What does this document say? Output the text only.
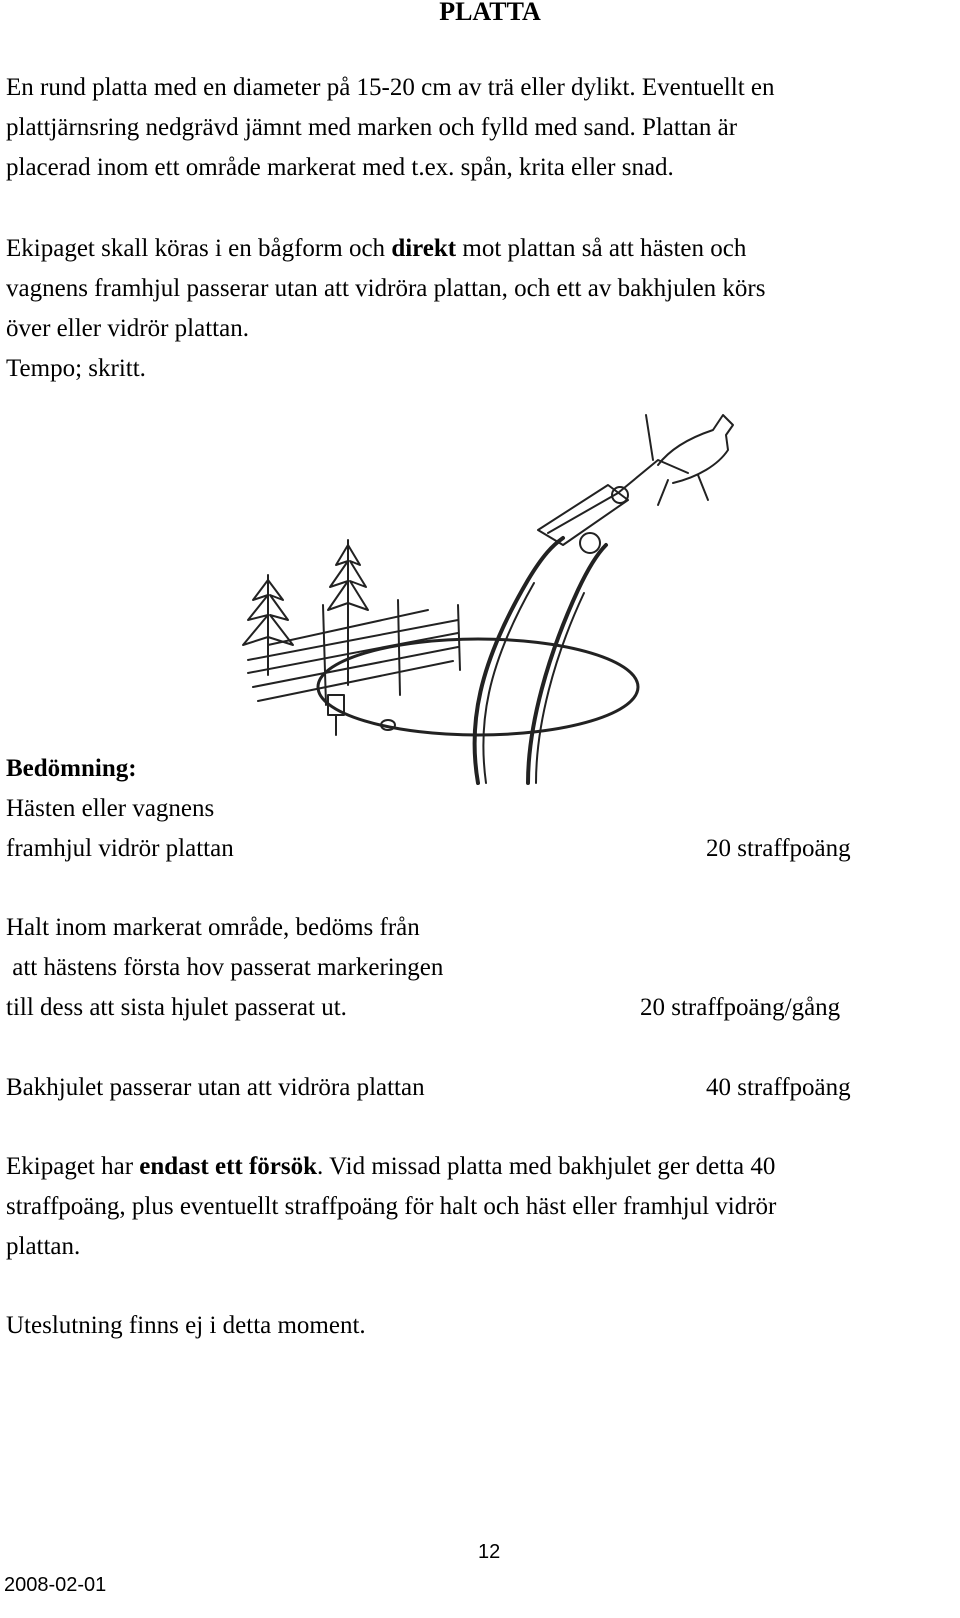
PLATTA
En rund platta med en diameter på 15-20 cm av trä eller dylikt. Eventuellt en
plattjärnsring nedgrävd jämnt med marken och fylld med sand. Plattan är
placerad inom ett område markerat med t.ex. spån, krita eller snad.
Ekipaget skall köras i en bågform och direkt mot plattan så att hästen och
vagnens framhjul passerar utan att vidröra plattan, och ett av bakhjulen körs
över eller vidrör plattan.
Tempo; skritt.
Bedömning:
Hästen eller vagnens
framhjul vidrör plattan	20 straffpoäng
Halt inom markerat område, bedöms från
att hästens första hov passerat markeringen
till dess att sista hjulet passerat ut.	20 straffpoäng/gång
Bakhjulet passerar utan att vidröra plattan	40 straffpoäng
Ekipaget har endast ett försök. Vid missad platta med bakhjulet ger detta 40
straffpoäng, plus eventuellt straffpoäng för halt och häst eller framhjul vidrör
plattan.
Uteslutning finns ej i detta moment.
12
2008-02-01
